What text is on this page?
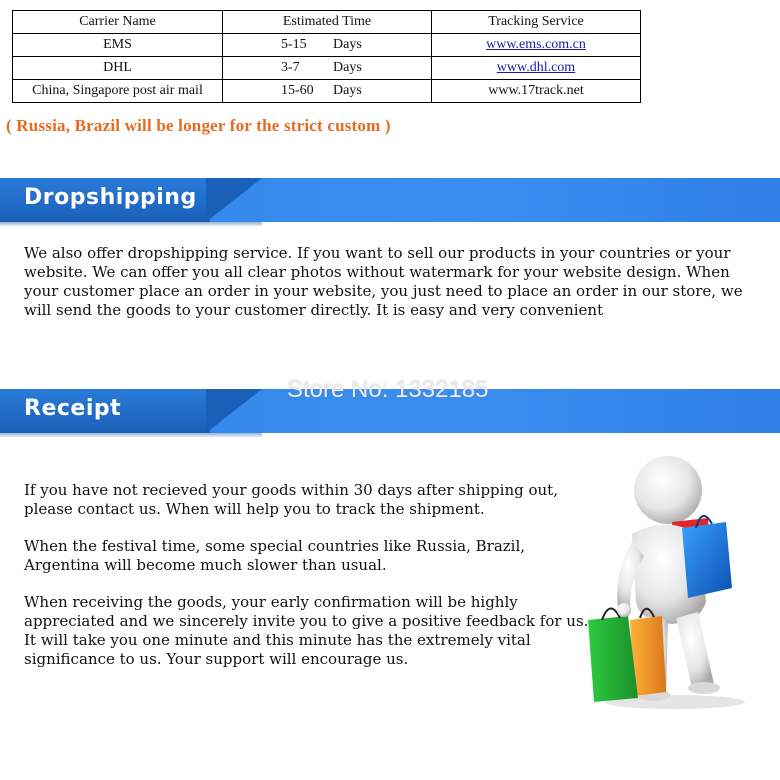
Carrier Name	Estimated Time	Tracking Service
EMS	5-15 Days	www.ems.com.cn
DHL	3-7 Days	www.dhl.com
China, Singapore post air mail	15-60 Days	www.17track.net
( Russia, Brazil will be longer for the strict custom )
Dropshipping

We also offer dropshipping service. If you want to sell our products in your countries or your website. We can offer you all clear photos without watermark for your website design. When your customer place an order in your website, you just need to place an order in our store, we will send the goods to your customer directly. It is easy and very convenient

Receipt
Store No: 1332185

If you have not recieved your goods within 30 days after shipping out, please contact us. When will help you to track the shipment.

When the festival time, some special countries like Russia, Brazil, Argentina will become much slower than usual.

When receiving the goods, your early confirmation will be highly appreciated and we sincerely invite you to give a positive feedback for us. It will take you one minute and this minute has the extremely vital significance to us. Your support will encourage us.
